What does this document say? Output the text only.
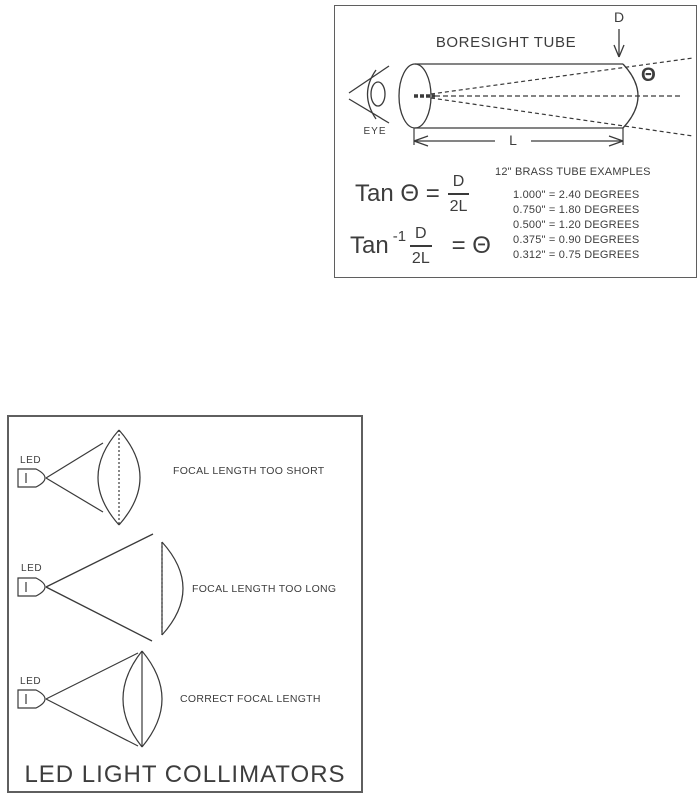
BORESIGHT TUBE
D
Θ
EYE
L
Tan $\Theta = \frac{D}{2L}$
Tan $-1 \frac{D}{2L} = \Theta$
12" BRASS TUBE EXAMPLES
1.000" = 2.40 DEGREES
0.750" = 1.80 DEGREES
0.500" = 1.20 DEGREES
0.375" = 0.90 DEGREES
0.312" = 0.75 DEGREES
LED
FOCAL LENGTH TOO SHORT
LED
FOCAL LENGTH TOO LONG
LED
CORRECT FOCAL LENGTH
LED LIGHT COLLIMATORS
